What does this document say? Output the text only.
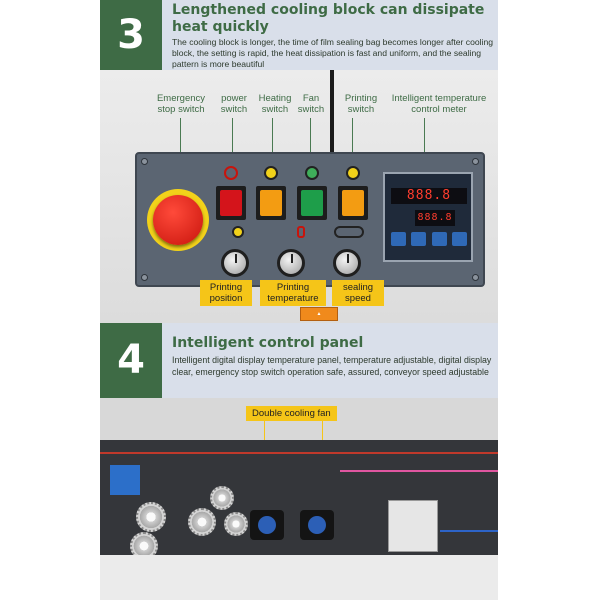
3
Lengthened cooling block can dissipate heat quickly
The cooling block is longer, the time of film sealing bag becomes longer after cooling block, the setting is rapid, the heat dissipation is fast and uniform, and the sealing pattern is more beautiful
Emergency stop switch
power switch
Heating switch
Fan switch
Printing switch
Intelligent temperature control meter
888.8
888.8
Printing position
Printing temperature
sealing speed
▲
4	Intelligent control panel
Intelligent digital display temperature panel, temperature adjustable, digital display clear, emergency stop switch operation safe, assured, conveyor speed adjustable
Double cooling fan
